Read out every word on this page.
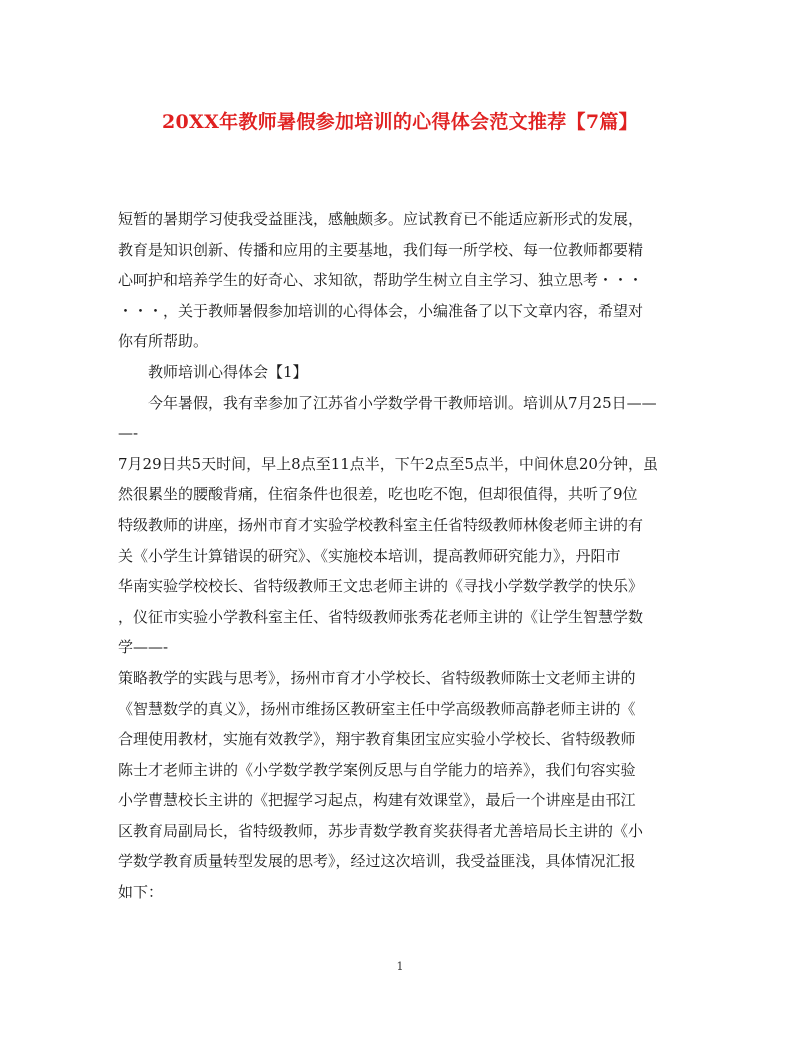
20XX年教师暑假参加培训的心得体会范文推荐【7篇】

短暂的暑期学习使我受益匪浅，感触颇多。应试教育已不能适应新形式的发展，

教育是知识创新、传播和应用的主要基地，我们每一所学校、每一位教师都要精

心呵护和培养学生的好奇心、求知欲，帮助学生树立自主学习、独立思考・・・

・・・，关于教师暑假参加培训的心得体会，小编准备了以下文章内容，希望对

你有所帮助。

教师培训心得体会【1】

今年暑假，我有幸参加了江苏省小学数学骨干教师培训。培训从7月25日——

—-

7月29日共5天时间，早上8点至11点半，下午2点至5点半，中间休息20分钟，虽

然很累坐的腰酸背痛，住宿条件也很差，吃也吃不饱，但却很值得，共听了9位

特级教师的讲座，扬州市育才实验学校教科室主任省特级教师林俊老师主讲的有

关《小学生计算错误的研究》、《实施校本培训，提高教师研究能力》，丹阳市

华南实验学校校长、省特级教师王文忠老师主讲的《寻找小学数学教学的快乐》

，仪征市实验小学教科室主任、省特级教师张秀花老师主讲的《让学生智慧学数

学——-

策略教学的实践与思考》，扬州市育才小学校长、省特级教师陈士文老师主讲的

《智慧数学的真义》，扬州市维扬区教研室主任中学高级教师高静老师主讲的《

合理使用教材，实施有效教学》，翔宇教育集团宝应实验小学校长、省特级教师

陈士才老师主讲的《小学数学教学案例反思与自学能力的培养》，我们句容实验

小学曹慧校长主讲的《把握学习起点，构建有效课堂》，最后一个讲座是由邗江

区教育局副局长，省特级教师，苏步青数学教育奖获得者尤善培局长主讲的《小

学数学教育质量转型发展的思考》，经过这次培训，我受益匪浅，具体情况汇报

如下：

1
